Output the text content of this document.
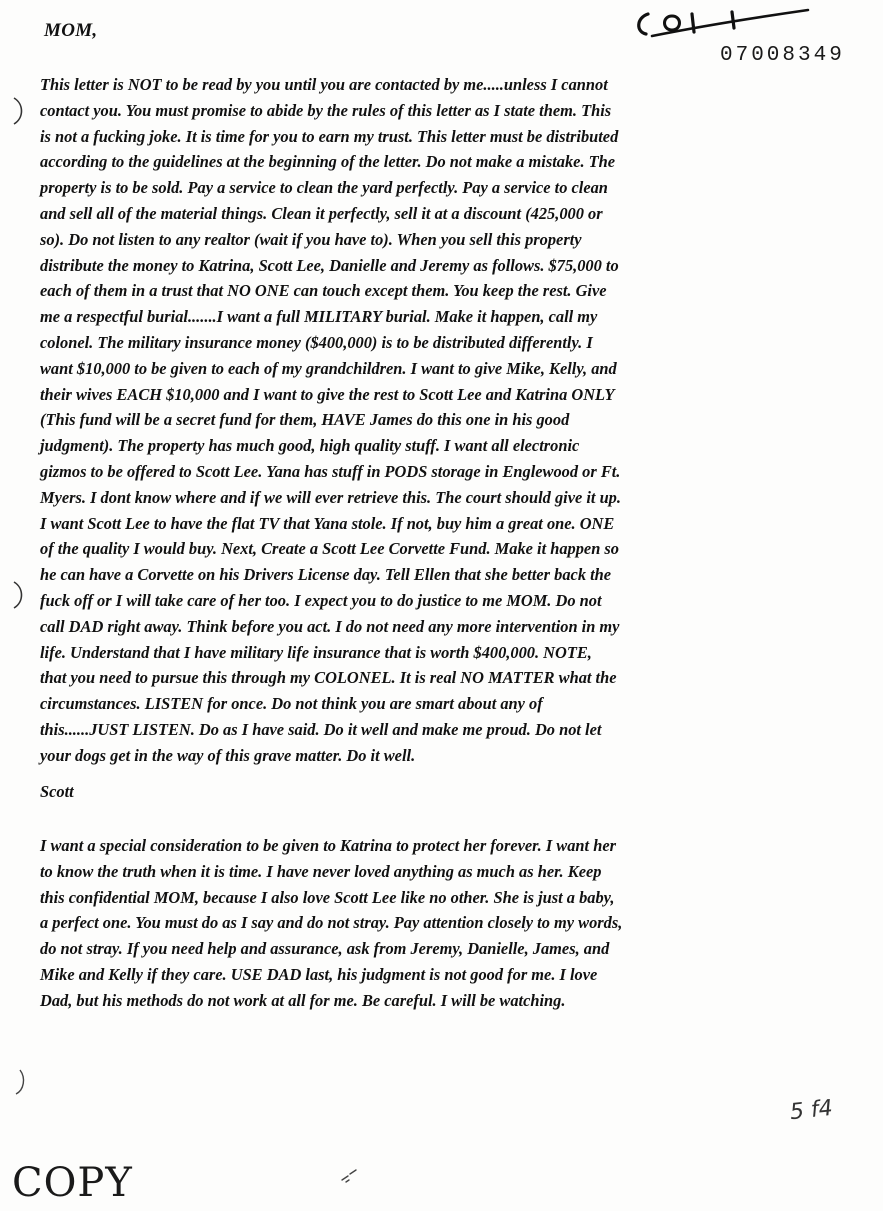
MOM,
07008349
This letter is NOT to be read by you until you are contacted by me.....unless I cannot
contact you. You must promise to abide by the rules of this letter as I state them. This
is not a fucking joke. It is time for you to earn my trust. This letter must be distributed
according to the guidelines at the beginning of the letter. Do not make a mistake. The
property is to be sold. Pay a service to clean the yard perfectly. Pay a service to clean
and sell all of the material things. Clean it perfectly, sell it at a discount (425,000 or
so). Do not listen to any realtor (wait if you have to). When you sell this property
distribute the money to Katrina, Scott Lee, Danielle and Jeremy as follows. $75,000 to
each of them in a trust that NO ONE can touch except them. You keep the rest. Give
me a respectful burial.......I want a full MILITARY burial. Make it happen, call my
colonel. The military insurance money ($400,000) is to be distributed differently. I
want $10,000 to be given to each of my grandchildren. I want to give Mike, Kelly, and
their wives EACH $10,000 and I want to give the rest to Scott Lee and Katrina ONLY
(This fund will be a secret fund for them, HAVE James do this one in his good
judgment). The property has much good, high quality stuff. I want all electronic
gizmos to be offered to Scott Lee. Yana has stuff in PODS storage in Englewood or Ft.
Myers. I dont know where and if we will ever retrieve this. The court should give it up.
I want Scott Lee to have the flat TV that Yana stole. If not, buy him a great one. ONE
of the quality I would buy. Next, Create a Scott Lee Corvette Fund. Make it happen so
he can have a Corvette on his Drivers License day. Tell Ellen that she better back the
fuck off or I will take care of her too. I expect you to do justice to me MOM. Do not
call DAD right away. Think before you act. I do not need any more intervention in my
life. Understand that I have military life insurance that is worth $400,000. NOTE,
that you need to pursue this through my COLONEL. It is real NO MATTER what the
circumstances. LISTEN for once. Do not think you are smart about any of
this......JUST LISTEN. Do as I have said. Do it well and make me proud. Do not let
your dogs get in the way of this grave matter. Do it well.
Scott
I want a special consideration to be given to Katrina to protect her forever. I want her
to know the truth when it is time. I have never loved anything as much as her. Keep
this confidential MOM, because I also love Scott Lee like no other. She is just a baby,
a perfect one. You must do as I say and do not stray. Pay attention closely to my words,
do not stray. If you need help and assurance, ask from Jeremy, Danielle, James, and
Mike and Kelly if they care. USE DAD last, his judgment is not good for me. I love
Dad, but his methods do not work at all for me. Be careful. I will be watching.
5 f4
COPY
